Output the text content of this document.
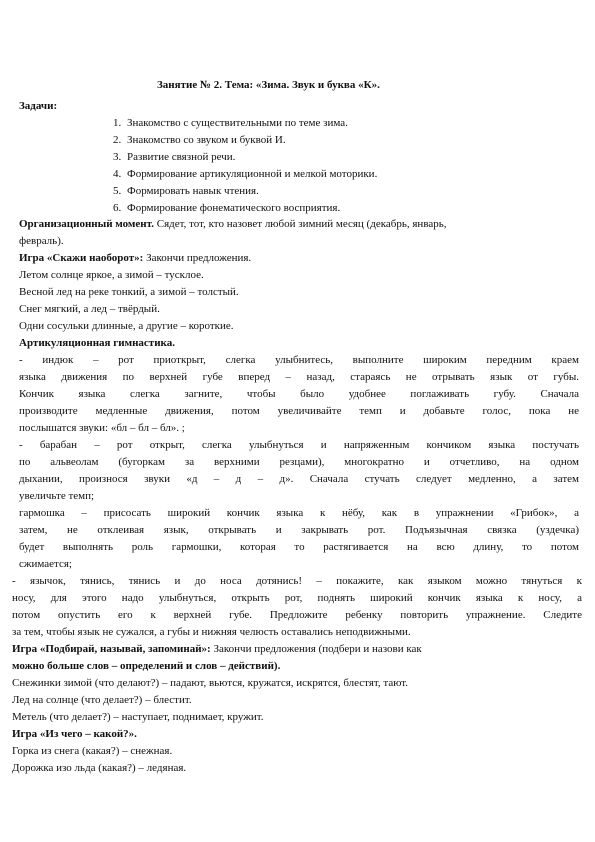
Занятие № 2. Тема: «Зима. Звук и буква «К».
Задачи:
1. Знакомство с существительными по теме зима.
2. Знакомство со звуком и буквой И.
3. Развитие связной речи.
4. Формирование артикуляционной и мелкой моторики.
5. Формировать навык чтения.
6. Формирование фонематического восприятия.
Организационный момент. Сядет, тот, кто назовет любой зимний месяц (декабрь, январь,
февраль).
Игра «Скажи наоборот»: Закончи предложения.
Летом солнце яркое, а зимой – тусклое.
Весной лед на реке тонкий, а зимой – толстый.
Снег мягкий, а лед – твёрдый.
Одни сосульки длинные, а другие – короткие.
Артикуляционная гимнастика.
- индюк – рот приоткрыт, слегка улыбнитесь, выполните широким передним краем
языка движения по верхней губе вперед – назад, стараясь не отрывать язык от губы.
Кончик языка слегка загните, чтобы было удобнее поглаживать губу. Сначала
производите медленные движения, потом увеличивайте темп и добавьте голос, пока не
послышатся звуки: «бл – бл – бл». ;
- барабан – рот открыт, слегка улыбнуться и напряженным кончиком языка постучать
по альвеолам (бугоркам за верхними резцами), многократно и отчетливо, на одном
дыхании, произнося звуки «д – д – д». Сначала стучать следует медленно, а затем
увеличьте темп;
гармошка – присосать широкий кончик языка к нёбу, как в упражнении «Грибок», а
затем, не отклеивая язык, открывать и закрывать рот. Подъязычная связка (уздечка)
будет выполнять роль гармошки, которая то растягивается на всю длину, то потом
сжимается;
- язычок, тянись, тянись и до носа дотянись! – покажите, как языком можно тянуться к
носу, для этого надо улыбнуться, открыть рот, поднять широкий кончик языка к носу, а
потом опустить его к верхней губе. Предложите ребенку повторить упражнение. Следите
за тем, чтобы язык не сужался, а губы и нижняя челюсть оставались неподвижными.
Игра «Подбирай, называй, запоминай»: Закончи предложения (подбери и назови как
можно больше слов – определений и слов – действий).
Снежинки зимой (что делают?) – падают, вьются, кружатся, искрятся, блестят, тают.
Лед на солнце (что делает?) – блестит.
Метель (что делает?) – наступает, поднимает, кружит.
Игра «Из чего – какой?».
Горка из снега (какая?) – снежная.
Дорожка изо льда (какая?) – ледяная.
